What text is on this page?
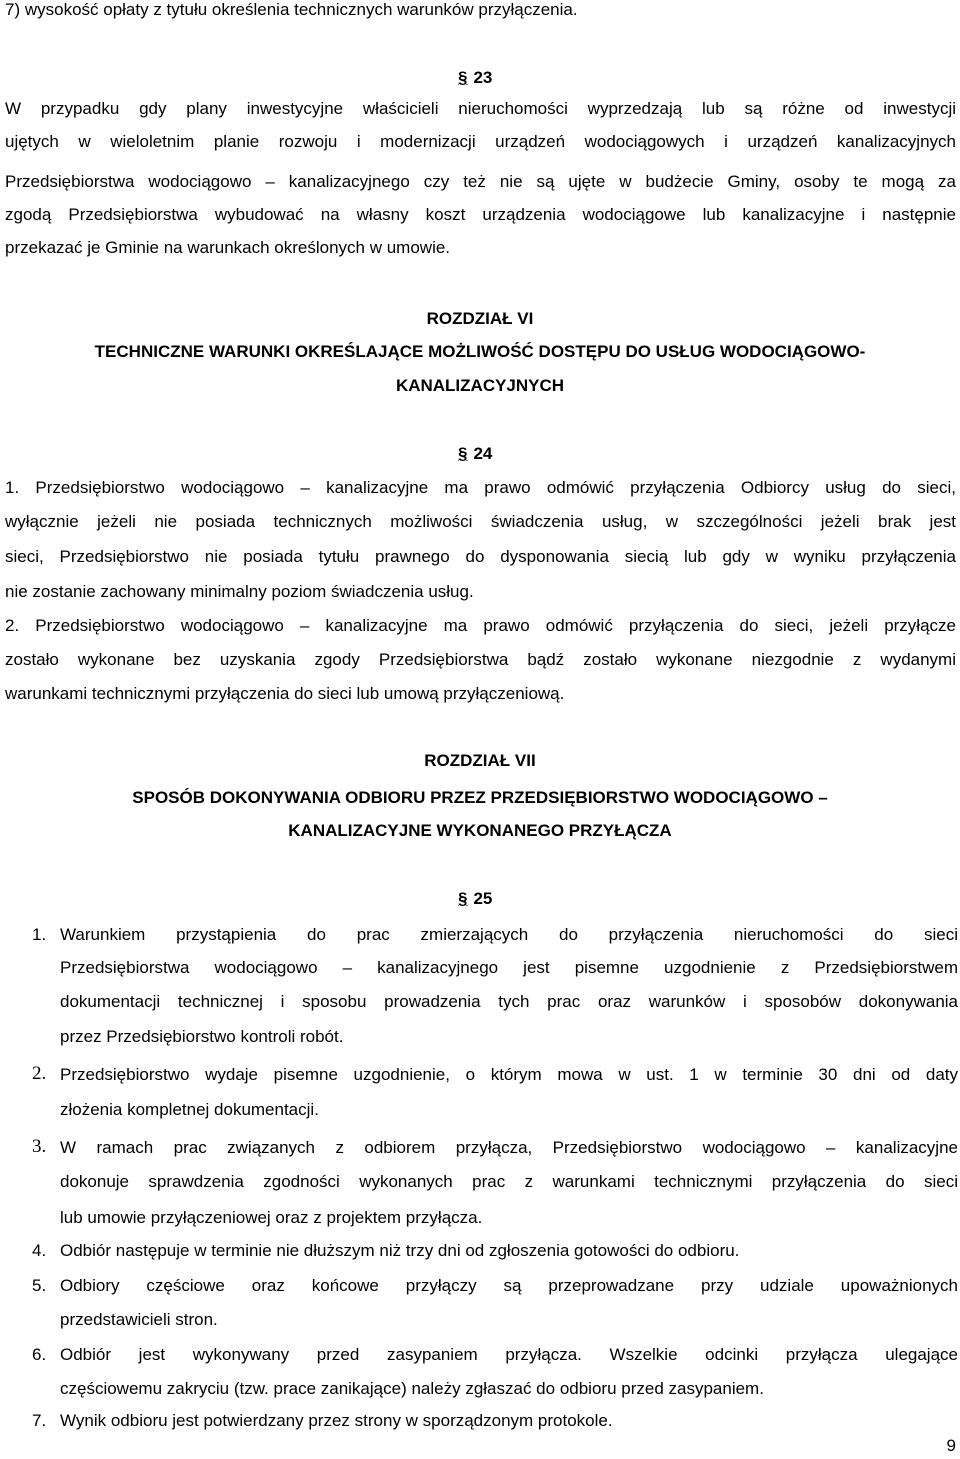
7) wysokość opłaty z tytułu określenia technicznych warunków przyłączenia.
§ 23
W przypadku gdy plany inwestycyjne właścicieli nieruchomości wyprzedzają lub są różne od inwestycji
ujętych w wieloletnim planie rozwoju i modernizacji urządzeń wodociągowych i urządzeń kanalizacyjnych
Przedsiębiorstwa wodociągowo – kanalizacyjnego czy też nie są ujęte w budżecie Gminy, osoby te mogą za
zgodą Przedsiębiorstwa wybudować na własny koszt urządzenia wodociągowe lub kanalizacyjne i następnie
przekazać je Gminie na warunkach określonych w umowie.
ROZDZIAŁ VI
TECHNICZNE WARUNKI OKREŚLAJĄCE MOŻLIWOŚĆ DOSTĘPU DO USŁUG WODOCIĄGOWO-
KANALIZACYJNYCH
§ 24
1. Przedsiębiorstwo wodociągowo – kanalizacyjne ma prawo odmówić przyłączenia Odbiorcy usług do sieci,
wyłącznie jeżeli nie posiada technicznych możliwości świadczenia usług, w szczególności jeżeli brak jest
sieci, Przedsiębiorstwo nie posiada tytułu prawnego do dysponowania siecią lub gdy w wyniku przyłączenia
nie zostanie zachowany minimalny poziom świadczenia usług.
2. Przedsiębiorstwo wodociągowo – kanalizacyjne ma prawo odmówić przyłączenia do sieci, jeżeli przyłącze
zostało wykonane bez uzyskania zgody Przedsiębiorstwa bądź zostało wykonane niezgodnie z wydanymi
warunkami technicznymi przyłączenia do sieci lub umową przyłączeniową.
ROZDZIAŁ VII
SPOSÓB DOKONYWANIA ODBIORU PRZEZ PRZEDSIĘBIORSTWO WODOCIĄGOWO –
KANALIZACYJNE WYKONANEGO PRZYŁĄCZA
§ 25
1. Warunkiem przystąpienia do prac zmierzających do przyłączenia nieruchomości do sieci
Przedsiębiorstwa wodociągowo – kanalizacyjnego jest pisemne uzgodnienie z Przedsiębiorstwem
dokumentacji technicznej i sposobu prowadzenia tych prac oraz warunków i sposobów dokonywania
przez Przedsiębiorstwo kontroli robót.
2. Przedsiębiorstwo wydaje pisemne uzgodnienie, o którym mowa w ust. 1 w terminie 30 dni od daty
złożenia kompletnej dokumentacji.
3. W ramach prac związanych z odbiorem przyłącza, Przedsiębiorstwo wodociągowo – kanalizacyjne
dokonuje sprawdzenia zgodności wykonanych prac z warunkami technicznymi przyłączenia do sieci
lub umowie przyłączeniowej oraz z projektem przyłącza.
4. Odbiór następuje w terminie nie dłuższym niż trzy dni od zgłoszenia gotowości do odbioru.
5. Odbiory częściowe oraz końcowe przyłączy są przeprowadzane przy udziale upoważnionych
przedstawicieli stron.
6. Odbiór jest wykonywany przed zasypaniem przyłącza. Wszelkie odcinki przyłącza ulegające
częściowemu zakryciu (tzw. prace zanikające) należy zgłaszać do odbioru przed zasypaniem.
7. Wynik odbioru jest potwierdzany przez strony w sporządzonym protokole.
9
